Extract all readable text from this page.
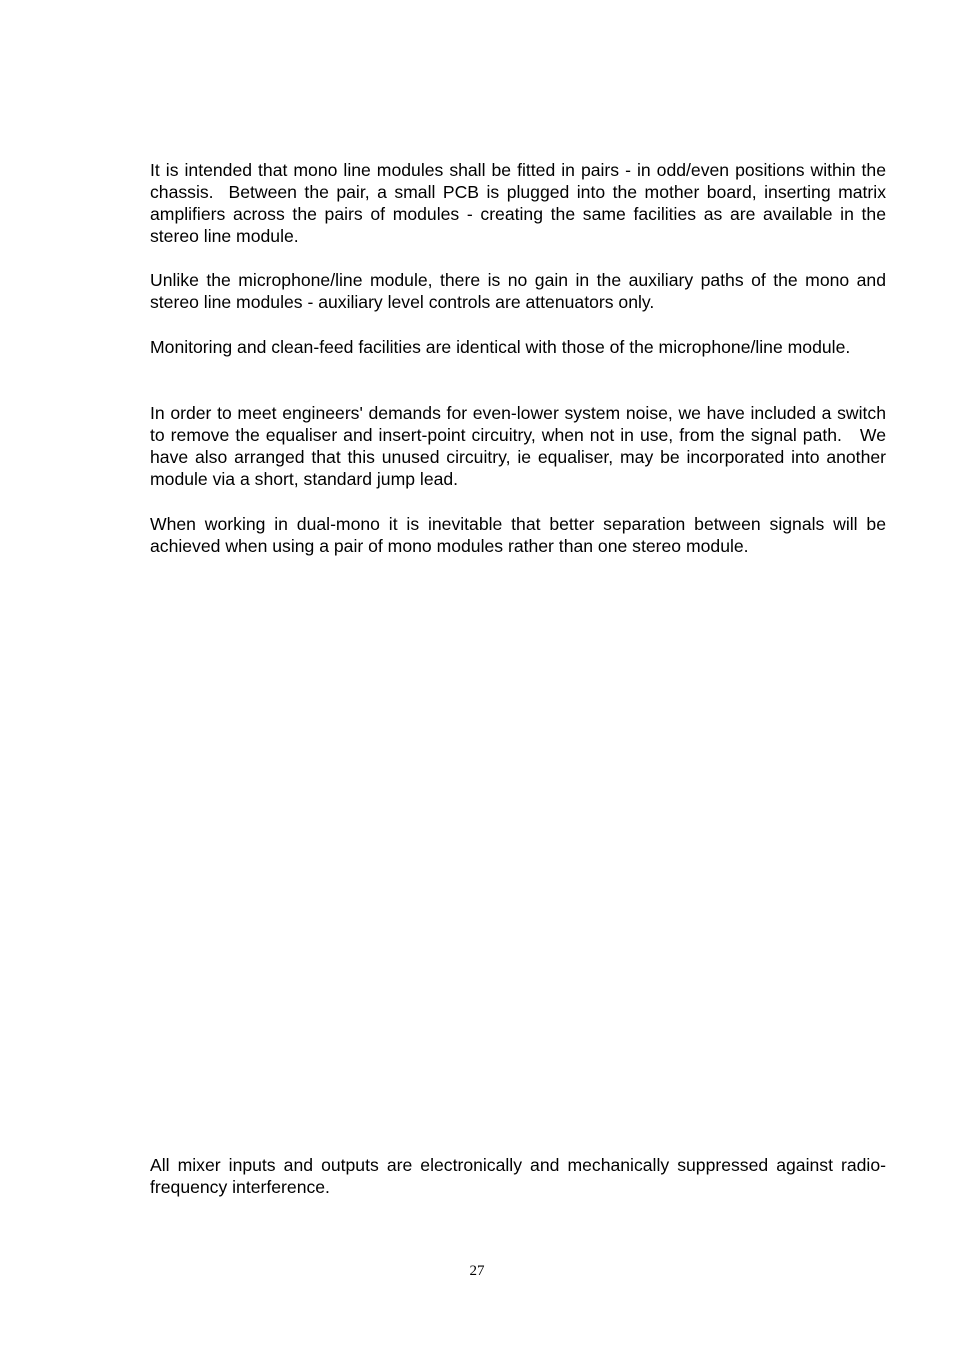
It is intended that mono line modules shall be fitted in pairs - in odd/even positions within the chassis.  Between the pair, a small PCB is plugged into the mother board, inserting matrix amplifiers across the pairs of modules - creating the same facilities as are available in the stereo line module.

Unlike the microphone/line module, there is no gain in the auxiliary paths of the mono and stereo line modules - auxiliary level controls are attenuators only.

Monitoring and clean-feed facilities are identical with those of the microphone/line module.

In order to meet engineers' demands for even-lower system noise, we have included a switch to remove the equaliser and insert-point circuitry, when not in use, from the signal path.   We have also arranged that this unused circuitry, ie equaliser, may be incorporated into another module via a short, standard jump lead.

When working in dual-mono it is inevitable that better separation between signals will be achieved when using a pair of mono modules rather than one stereo module.

All mixer inputs and outputs are electronically and mechanically suppressed against radio-frequency interference.

27
